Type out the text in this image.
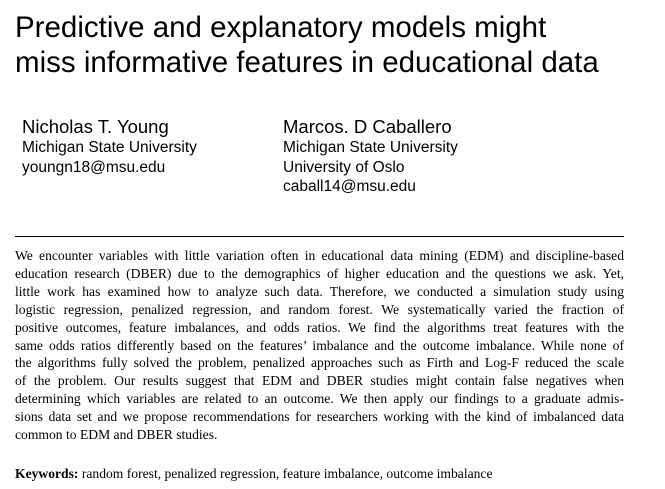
Predictive and explanatory models might
miss informative features in educational data
Nicholas T. Young
Michigan State University
youngn18@msu.edu
Marcos. D Caballero
Michigan State University
University of Oslo
caball14@msu.edu
We encounter variables with little variation often in educational data mining (EDM) and discipline-based
education research (DBER) due to the demographics of higher education and the questions we ask. Yet,
little work has examined how to analyze such data. Therefore, we conducted a simulation study using
logistic regression, penalized regression, and random forest. We systematically varied the fraction of
positive outcomes, feature imbalances, and odds ratios. We find the algorithms treat features with the
same odds ratios differently based on the features’ imbalance and the outcome imbalance. While none of
the algorithms fully solved the problem, penalized approaches such as Firth and Log-F reduced the scale
of the problem. Our results suggest that EDM and DBER studies might contain false negatives when
determining which variables are related to an outcome. We then apply our findings to a graduate admis-
sions data set and we propose recommendations for researchers working with the kind of imbalanced data
common to EDM and DBER studies.
Keywords: random forest, penalized regression, feature imbalance, outcome imbalance
